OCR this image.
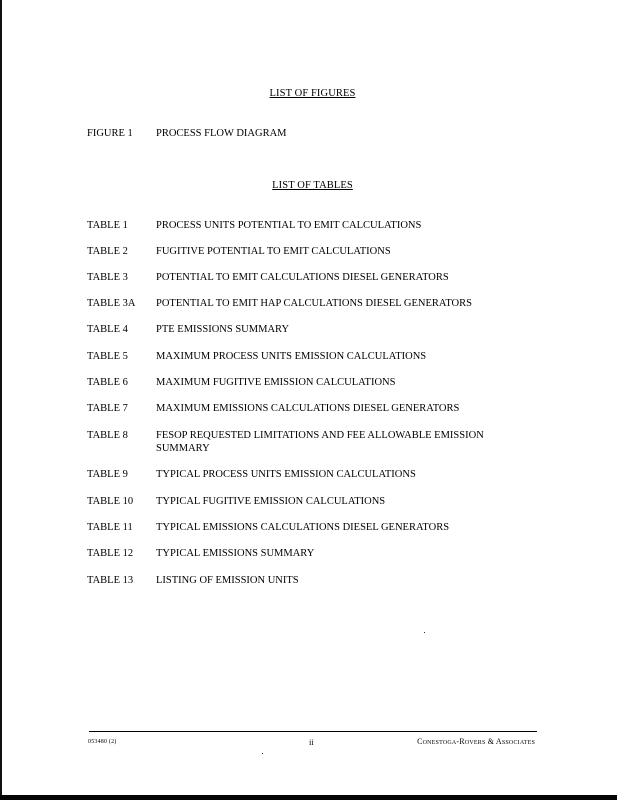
LIST OF FIGURES
FIGURE 1	PROCESS FLOW DIAGRAM
LIST OF TABLES
TABLE 1	PROCESS UNITS POTENTIAL TO EMIT CALCULATIONS
TABLE 2	FUGITIVE POTENTIAL TO EMIT CALCULATIONS
TABLE 3	POTENTIAL TO EMIT CALCULATIONS DIESEL GENERATORS
TABLE 3A	POTENTIAL TO EMIT HAP CALCULATIONS DIESEL GENERATORS
TABLE 4	PTE EMISSIONS SUMMARY
TABLE 5	MAXIMUM PROCESS UNITS EMISSION CALCULATIONS
TABLE 6	MAXIMUM FUGITIVE EMISSION CALCULATIONS
TABLE 7	MAXIMUM EMISSIONS CALCULATIONS DIESEL GENERATORS
TABLE 8	FESOP REQUESTED LIMITATIONS AND FEE ALLOWABLE EMISSION SUMMARY
TABLE 9	TYPICAL PROCESS UNITS EMISSION CALCULATIONS
TABLE 10	TYPICAL FUGITIVE EMISSION CALCULATIONS
TABLE 11	TYPICAL EMISSIONS CALCULATIONS DIESEL GENERATORS
TABLE 12	TYPICAL EMISSIONS SUMMARY
TABLE 13	LISTING OF EMISSION UNITS
053480 (2)	ii	Conestoga-Rovers & Associates
